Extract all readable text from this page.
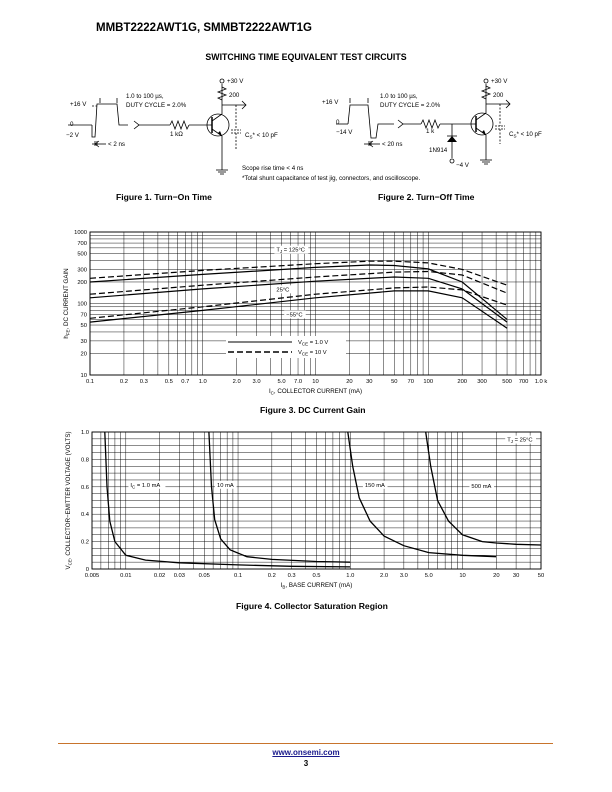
MMBT2222AWT1G, SMMBT2222AWT1G
SWITCHING TIME EQUIVALENT TEST CIRCUITS
+16 V
0
−2 V
1.0 to 100 µs,
DUTY CYCLE = 2.0%
< 2 ns
1 kΩ
+30 V
200
$C_S* < 10$ pF
+16 V
0
−14 V
1.0 to 100 µs,
DUTY CYCLE = 2.0%
< 20 ns
1 k
1N914
−4 V
+30 V
200
$C_S* < 10$ pF
Scope rise time < 4 ns
*Total shunt capacitance of test jig, connectors, and oscilloscope.
Figure 1. Turn−On Time	Figure 2. Turn−Off Time
0.1	0.2 0.3	0.5 0.7 1.0	2.0 3.0	5.0 7.0 10	20 30	50 70 100	200 300	500 700 1.0 k
10
20
30
50
70
100
200
300
500
700
1000
$I_C$, COLLECTOR CURRENT (mA)
$h_{FE}$, DC CURRENT GAIN
$T_J = 125^\circ C$
25°C
−55°C
$V_{CE} = 1.0$ V
$V_{CE} = 10$ V
Figure 3. DC Current Gain
0.005	0.01	0.02 0.03 0.05	0.1	0.2 0.3	0.5	1.0	2.0 3.0	5.0	10	20 30	50
0
0.2
0.4
0.6
0.8
1.0
$I_B$, BASE CURRENT (mA)
$V_{CE}$, COLLECTOR−EMITTER VOLTAGE (VOLTS)	$T_J = 25^\circ C$
$I_C = 1.0$ mA	10 mA	150 mA	500 mA
Figure 4. Collector Saturation Region
www.onsemi.com
3
